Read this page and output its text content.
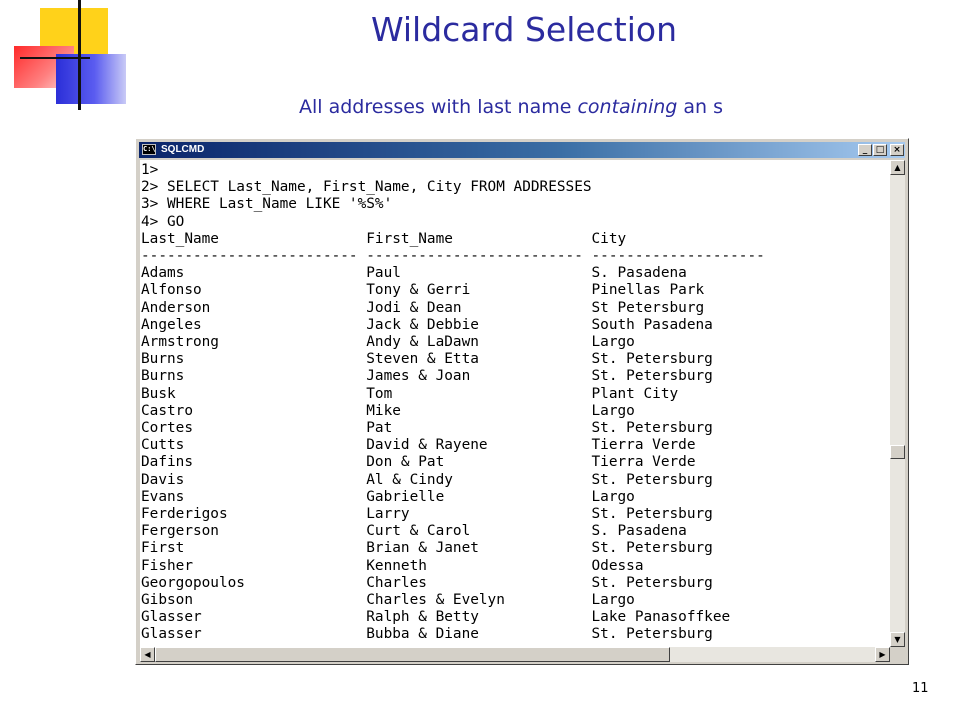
Wildcard Selection
All addresses with last name containing an s
C:\ SQLCMD	_ □ ×
1>
2> SELECT Last_Name, First_Name, City FROM ADDRESSES
3> WHERE Last_Name LIKE '%S%'
4> GO
Last_Name                 First_Name                City
------------------------- ------------------------- --------------------
Adams                     Paul                      S. Pasadena
Alfonso                   Tony & Gerri              Pinellas Park
Anderson                  Jodi & Dean               St Petersburg
Angeles                   Jack & Debbie             South Pasadena
Armstrong                 Andy & LaDawn             Largo
Burns                     Steven & Etta             St. Petersburg
Burns                     James & Joan              St. Petersburg
Busk                      Tom                       Plant City
Castro                    Mike                      Largo
Cortes                    Pat                       St. Petersburg
Cutts                     David & Rayene            Tierra Verde
Dafins                    Don & Pat                 Tierra Verde
Davis                     Al & Cindy                St. Petersburg
Evans                     Gabrielle                 Largo
Ferderigos                Larry                     St. Petersburg
Fergerson                 Curt & Carol              S. Pasadena
First                     Brian & Janet             St. Petersburg
Fisher                    Kenneth                   Odessa
Georgopoulos              Charles                   St. Petersburg
Gibson                    Charles & Evelyn          Largo
Glasser                   Ralph & Betty             Lake Panasoffkee
Glasser                   Bubba & Diane             St. Petersburg
▲
▼
◀	▶
11
